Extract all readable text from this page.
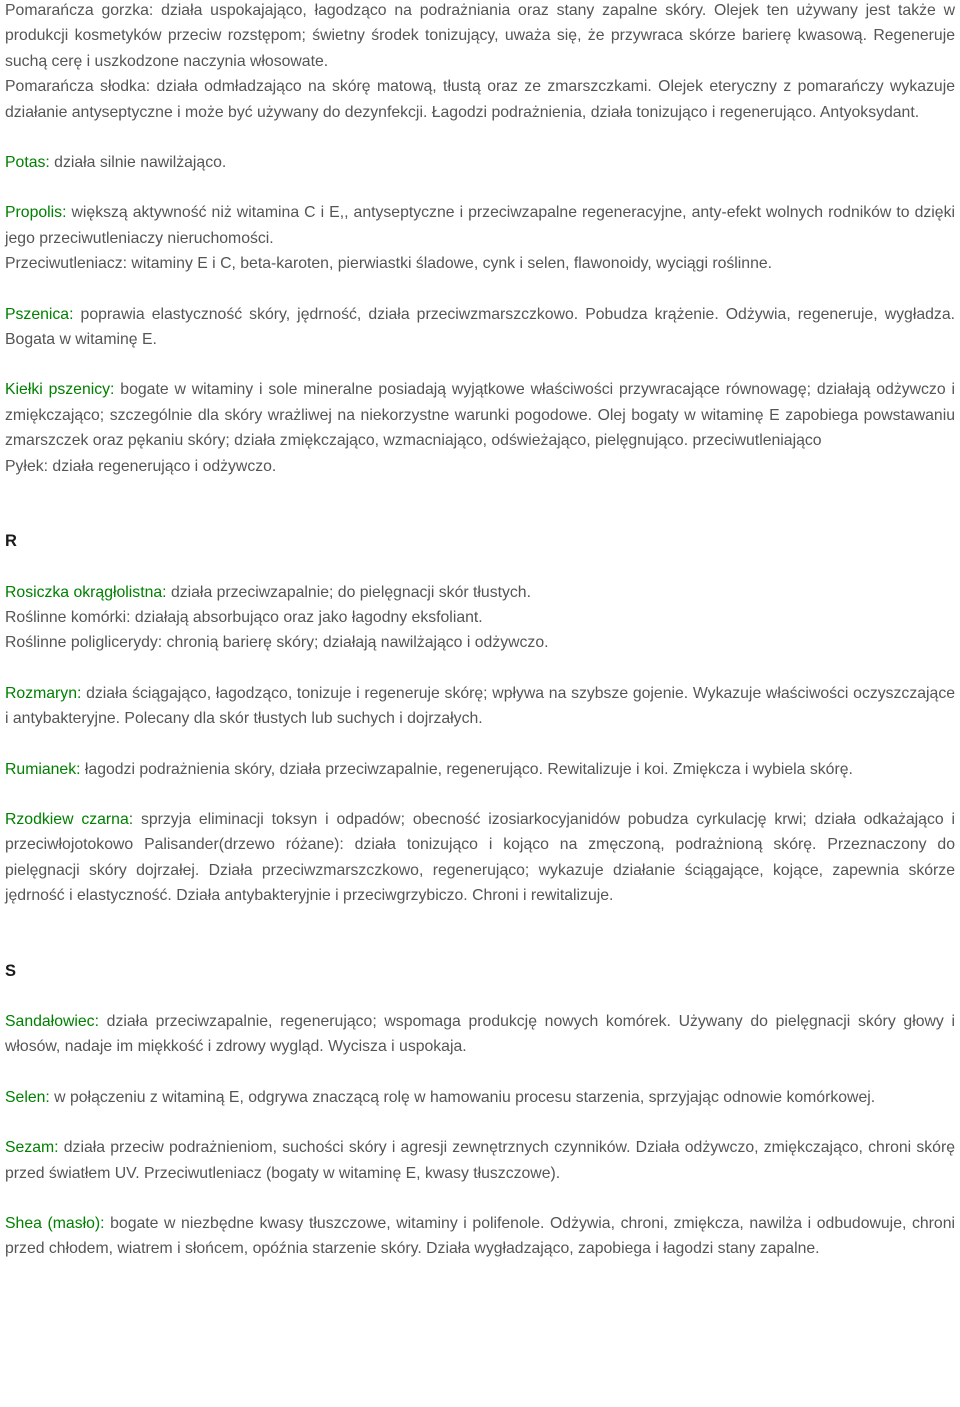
Pomarańcza gorzka: działa uspokajająco, łagodząco na podrażniania oraz stany zapalne skóry. Olejek ten używany jest także w produkcji kosmetyków przeciw rozstępom; świetny środek tonizujący, uważa się, że przywraca skórze barierę kwasową. Regeneruje suchą cerę i uszkodzone naczynia włosowate.

Pomarańcza słodka: działa odmładzająco na skórę matową, tłustą oraz ze zmarszczkami. Olejek eteryczny z pomarańczy wykazuje działanie antyseptyczne i może być używany do dezynfekcji. Łagodzi podrażnienia, działa tonizująco i regenerująco. Antyoksydant.

Potas: działa silnie nawilżająco.

Propolis: większą aktywność niż witamina C i E,, antyseptyczne i przeciwzapalne regeneracyjne, anty-efekt wolnych rodników to dzięki jego przeciwutleniaczy nieruchomości.

Przeciwutleniacz: witaminy E i C, beta-karoten, pierwiastki śladowe, cynk i selen, flawonoidy, wyciągi roślinne.

Pszenica: poprawia elastyczność skóry, jędrność, działa przeciwzmarszczkowo. Pobudza krążenie. Odżywia, regeneruje, wygładza. Bogata w witaminę E.

Kiełki pszenicy: bogate w witaminy i sole mineralne posiadają wyjątkowe właściwości przywracające równowagę; działają odżywczo i zmiękczająco; szczególnie dla skóry wrażliwej na niekorzystne warunki pogodowe. Olej bogaty w witaminę E zapobiega powstawaniu zmarszczek oraz pękaniu skóry; działa zmiękczająco, wzmacniająco, odświeżająco, pielęgnująco. przeciwutleniająco

Pyłek: działa regenerująco i odżywczo.

R

Rosiczka okrągłolistna: działa przeciwzapalnie; do pielęgnacji skór tłustych.

Roślinne komórki: działają absorbująco oraz jako łagodny eksfoliant.

Roślinne poliglicerydy: chronią barierę skóry; działają nawilżająco i odżywczo.

Rozmaryn: działa ściągająco, łagodząco, tonizuje i regeneruje skórę; wpływa na szybsze gojenie. Wykazuje właściwości oczyszczające i antybakteryjne. Polecany dla skór tłustych lub suchych i dojrzałych.

Rumianek: łagodzi podrażnienia skóry, działa przeciwzapalnie, regenerująco. Rewitalizuje i koi. Zmiękcza i wybiela skórę.

Rzodkiew czarna: sprzyja eliminacji toksyn i odpadów; obecność izosiarkocyjanidów pobudza cyrkulację krwi; działa odkażająco i przeciwłojotokowo Palisander(drzewo różane): działa tonizująco i kojąco na zmęczoną, podrażnioną skórę. Przeznaczony do pielęgnacji skóry dojrzałej. Działa przeciwzmarszczkowo, regenerująco; wykazuje działanie ściągające, kojące, zapewnia skórze jędrność i elastyczność. Działa antybakteryjnie i przeciwgrzybiczo. Chroni i rewitalizuje.

S

Sandałowiec: działa przeciwzapalnie, regenerująco; wspomaga produkcję nowych komórek. Używany do pielęgnacji skóry głowy i włosów, nadaje im miękkość i zdrowy wygląd. Wycisza i uspokaja.

Selen: w połączeniu z witaminą E, odgrywa znaczącą rolę w hamowaniu procesu starzenia, sprzyjając odnowie komórkowej.

Sezam: działa przeciw podrażnieniom, suchości skóry i agresji zewnętrznych czynników. Działa odżywczo, zmiękczająco, chroni skórę przed światłem UV. Przeciwutleniacz (bogaty w witaminę E, kwasy tłuszczowe).

Shea (masło): bogate w niezbędne kwasy tłuszczowe, witaminy i polifenole. Odżywia, chroni, zmiękcza, nawilża i odbudowuje, chroni przed chłodem, wiatrem i słońcem, opóźnia starzenie skóry. Działa wygładzająco, zapobiega i łagodzi stany zapalne.
